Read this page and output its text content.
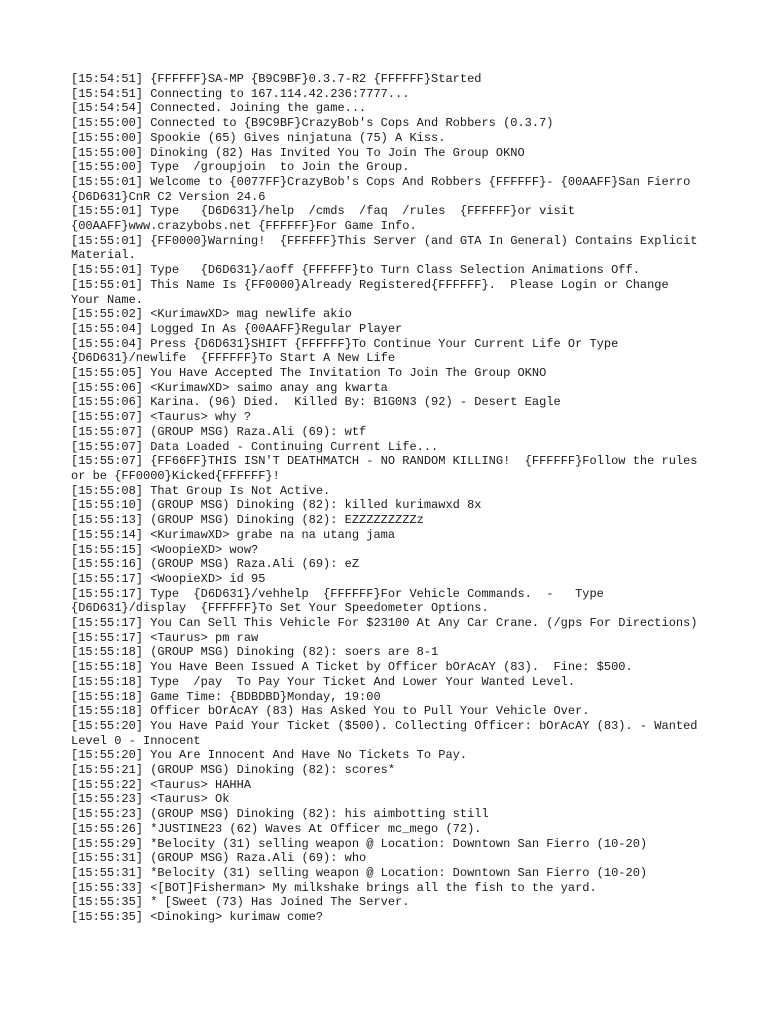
[15:54:51] {FFFFFF}SA-MP {B9C9BF}0.3.7-R2 {FFFFFF}Started
[15:54:51] Connecting to 167.114.42.236:7777...
[15:54:54] Connected. Joining the game...
[15:55:00] Connected to {B9C9BF}CrazyBob's Cops And Robbers (0.3.7)
[15:55:00] Spookie (65) Gives ninjatuna (75) A Kiss.
[15:55:00] Dinoking (82) Has Invited You To Join The Group OKNO
[15:55:00] Type  /groupjoin  to Join the Group.
[15:55:01] Welcome to {0077FF}CrazyBob's Cops And Robbers {FFFFFF}- {00AAFF}San Fierro {D6D631}CnR C2 Version 24.6
[15:55:01] Type   {D6D631}/help  /cmds  /faq  /rules  {FFFFFF}or visit {00AAFF}www.crazybobs.net {FFFFFF}For Game Info.
[15:55:01] {FF0000}Warning!  {FFFFFF}This Server (and GTA In General) Contains Explicit Material.
[15:55:01] Type   {D6D631}/aoff {FFFFFF}to Turn Class Selection Animations Off.
[15:55:01] This Name Is {FF0000}Already Registered{FFFFFF}.  Please Login or Change Your Name.
[15:55:02] <KurimawXD> mag newlife akio
[15:55:04] Logged In As {00AAFF}Regular Player
[15:55:04] Press {D6D631}SHIFT {FFFFFF}To Continue Your Current Life Or Type {D6D631}/newlife  {FFFFFF}To Start A New Life
[15:55:05] You Have Accepted The Invitation To Join The Group OKNO
[15:55:06] <KurimawXD> saimo anay ang kwarta
[15:55:06] Karina. (96) Died.  Killed By: B1G0N3 (92) - Desert Eagle
[15:55:07] <Taurus> why ?
[15:55:07] (GROUP MSG) Raza.Ali (69): wtf
[15:55:07] Data Loaded - Continuing Current Life...
[15:55:07] {FF66FF}THIS ISN'T DEATHMATCH - NO RANDOM KILLING!  {FFFFFF}Follow the rules or be {FF0000}Kicked{FFFFFF}!
[15:55:08] That Group Is Not Active.
[15:55:10] (GROUP MSG) Dinoking (82): killed kurimawxd 8x
[15:55:13] (GROUP MSG) Dinoking (82): EZZZZZZZZZz
[15:55:14] <KurimawXD> grabe na na utang jama
[15:55:15] <WoopieXD> wow?
[15:55:16] (GROUP MSG) Raza.Ali (69): eZ
[15:55:17] <WoopieXD> id 95
[15:55:17] Type  {D6D631}/vehhelp  {FFFFFF}For Vehicle Commands.  -   Type {D6D631}/display  {FFFFFF}To Set Your Speedometer Options.
[15:55:17] You Can Sell This Vehicle For $23100 At Any Car Crane. (/gps For Directions)
[15:55:17] <Taurus> pm raw
[15:55:18] (GROUP MSG) Dinoking (82): soers are 8-1
[15:55:18] You Have Been Issued A Ticket by Officer bOrAcAY (83).  Fine: $500.
[15:55:18] Type  /pay  To Pay Your Ticket And Lower Your Wanted Level.
[15:55:18] Game Time: {BDBDBD}Monday, 19:00
[15:55:18] Officer bOrAcAY (83) Has Asked You to Pull Your Vehicle Over.
[15:55:20] You Have Paid Your Ticket ($500). Collecting Officer: bOrAcAY (83). - Wanted Level 0 - Innocent
[15:55:20] You Are Innocent And Have No Tickets To Pay.
[15:55:21] (GROUP MSG) Dinoking (82): scores*
[15:55:22] <Taurus> HAHHA
[15:55:23] <Taurus> Ok
[15:55:23] (GROUP MSG) Dinoking (82): his aimbotting still
[15:55:26] *JUSTINE23 (62) Waves At Officer mc_mego (72).
[15:55:29] *Belocity (31) selling weapon @ Location: Downtown San Fierro (10-20)
[15:55:31] (GROUP MSG) Raza.Ali (69): who
[15:55:31] *Belocity (31) selling weapon @ Location: Downtown San Fierro (10-20)
[15:55:33] <[BOT]Fisherman> My milkshake brings all the fish to the yard.
[15:55:35] * [Sweet (73) Has Joined The Server.
[15:55:35] <Dinoking> kurimaw come?
